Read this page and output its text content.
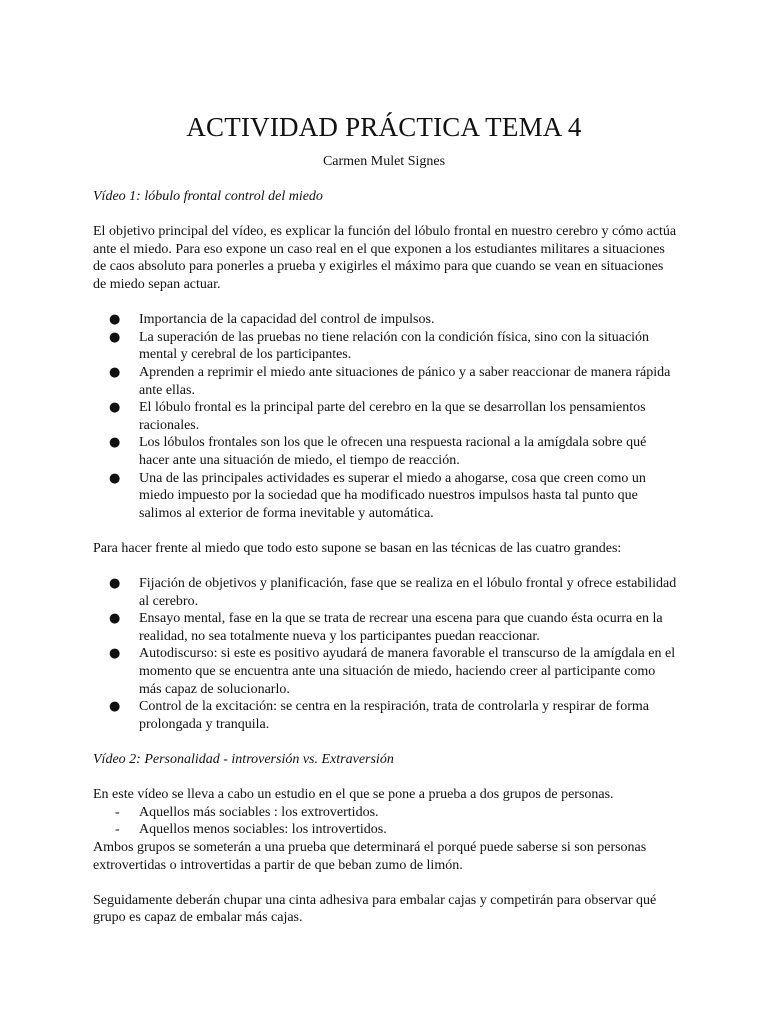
ACTIVIDAD PRÁCTICA TEMA 4
Carmen Mulet Signes

Vídeo 1: lóbulo frontal control del miedo

El objetivo principal del vídeo, es explicar la función del lóbulo frontal en nuestro cerebro y cómo actúa ante el miedo. Para eso expone un caso real en el que exponen a los estudiantes militares a situaciones de caos absoluto para ponerles a prueba y exigirles el máximo para que cuando se vean en situaciones de miedo sepan actuar.

● Importancia de la capacidad del control de impulsos.
● La superación de las pruebas no tiene relación con la condición física, sino con la situación mental y cerebral de los participantes.
● Aprenden a reprimir el miedo ante situaciones de pánico y a saber reaccionar de manera rápida ante ellas.
● El lóbulo frontal es la principal parte del cerebro en la que se desarrollan los pensamientos racionales.
● Los lóbulos frontales son los que le ofrecen una respuesta racional a la amígdala sobre qué hacer ante una situación de miedo, el tiempo de reacción.
● Una de las principales actividades es superar el miedo a ahogarse, cosa que creen como un miedo impuesto por la sociedad que ha modificado nuestros impulsos hasta tal punto que salimos al exterior de forma inevitable y automática.

Para hacer frente al miedo que todo esto supone se basan en las técnicas de las cuatro grandes:

● Fijación de objetivos y planificación, fase que se realiza en el lóbulo frontal y ofrece estabilidad al cerebro.
● Ensayo mental, fase en la que se trata de recrear una escena para que cuando ésta ocurra en la realidad, no sea totalmente nueva y los participantes puedan reaccionar.
● Autodiscurso: si este es positivo ayudará de manera favorable el transcurso de la amígdala en el momento que se encuentra ante una situación de miedo, haciendo creer al participante como más capaz de solucionarlo.
● Control de la excitación: se centra en la respiración, trata de controlarla y respirar de forma prolongada y tranquila.

Vídeo 2: Personalidad - introversión vs. Extraversión

En este vídeo se lleva a cabo un estudio en el que se pone a prueba a dos grupos de personas.

- Aquellos más sociables : los extrovertidos.
- Aquellos menos sociables: los introvertidos.

Ambos grupos se someterán a una prueba que determinará el porqué puede saberse si son personas extrovertidas o introvertidas a partir de que beban zumo de limón.

Seguidamente deberán chupar una cinta adhesiva para embalar cajas y competirán para observar qué grupo es capaz de embalar más cajas.
